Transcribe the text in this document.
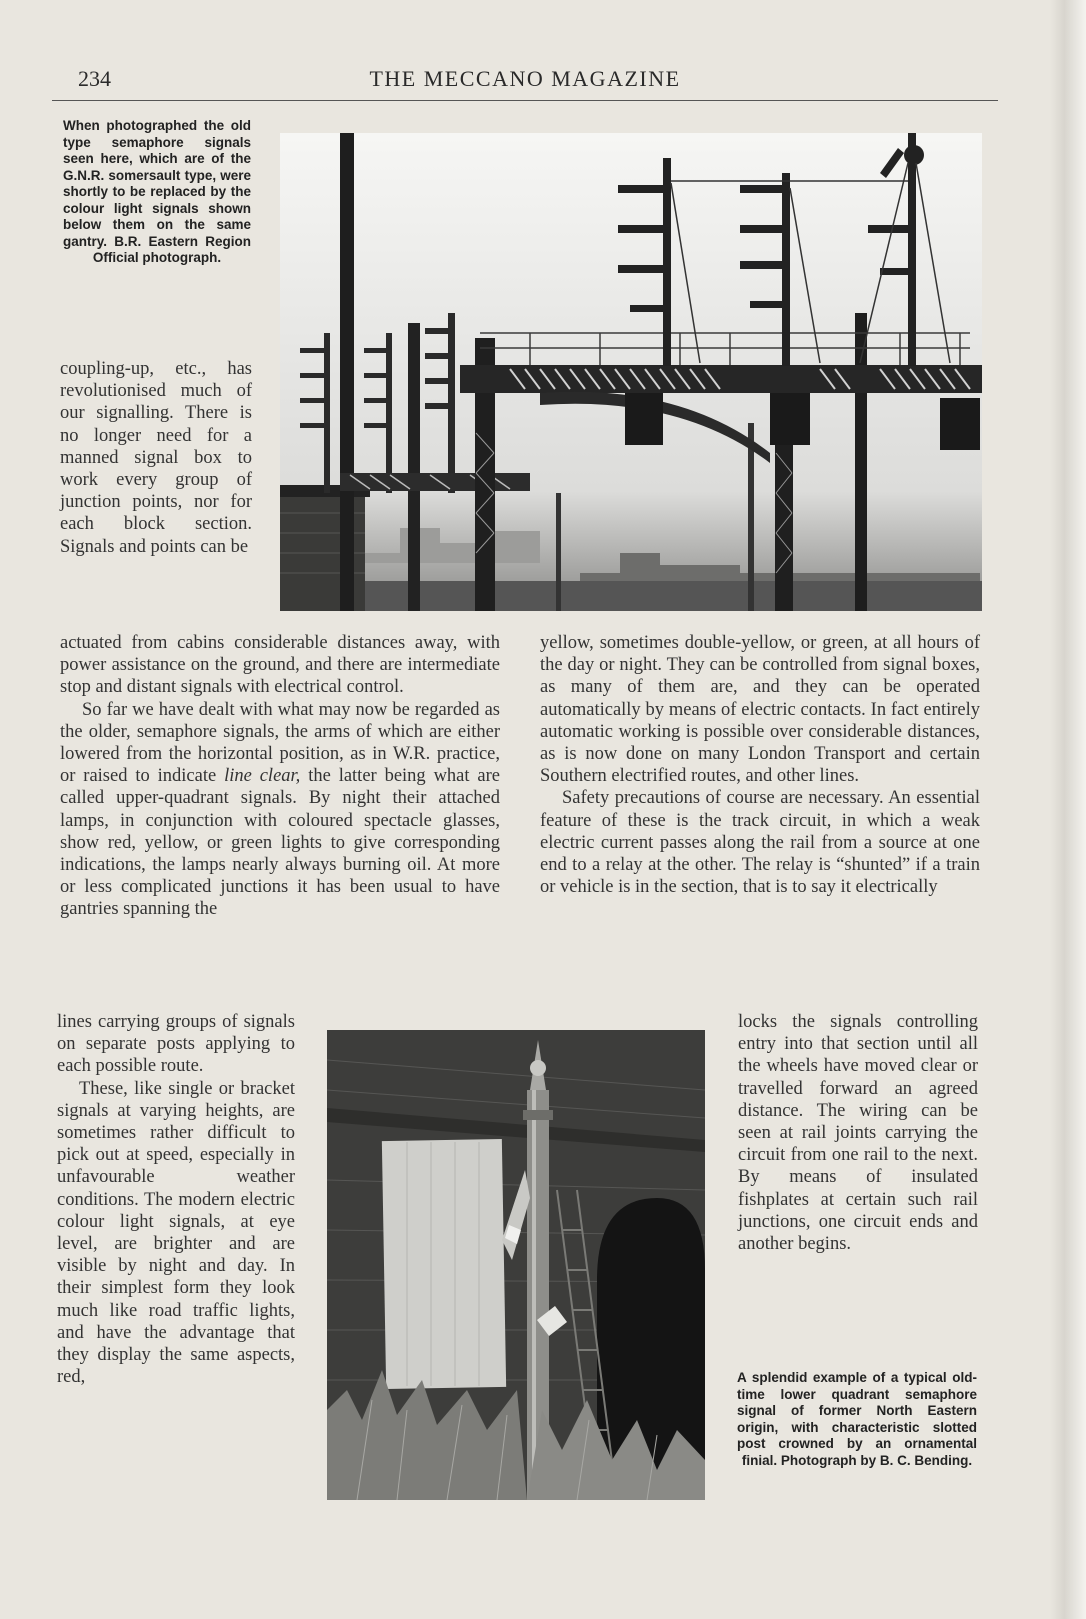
234	THE MECCANO MAGAZINE
When photographed the old type semaphore signals seen here, which are of the G.N.R. somersault type, were shortly to be replaced by the colour light signals shown below them on the same gantry. B.R. Eastern Region Official photograph.

coupling-up, etc., has revolutionised much of our signalling. There is no longer need for a manned signal box to work every group of junction points, nor for each block section. Signals and points can be

actuated from cabins considerable distances away, with power assistance on the ground, and there are intermediate stop and distant signals with electrical control.

So far we have dealt with what may now be regarded as the older, semaphore signals, the arms of which are either lowered from the horizontal position, as in W.R. practice, or raised to indicate line clear, the latter being what are called upper-quadrant signals. By night their attached lamps, in conjunction with coloured spectacle glasses, show red, yellow, or green lights to give corresponding indications, the lamps nearly always burning oil. At more or less complicated junctions it has been usual to have gantries spanning the

yellow, sometimes double-yellow, or green, at all hours of the day or night. They can be controlled from signal boxes, as many of them are, and they can be operated automatically by means of electric contacts. In fact entirely automatic working is possible over considerable distances, as is now done on many London Transport and certain Southern electrified routes, and other lines.

Safety precautions of course are necessary. An essential feature of these is the track circuit, in which a weak electric current passes along the rail from a source at one end to a relay at the other. The relay is “shunted” if a train or vehicle is in the section, that is to say it electrically

lines carrying groups of signals on separate posts applying to each possible route.

These, like single or bracket signals at varying heights, are sometimes rather difficult to pick out at speed, especially in unfavourable weather conditions. The modern electric colour light signals, at eye level, are brighter and are visible by night and day. In their simplest form they look much like road traffic lights, and have the advantage that they display the same aspects, red,

locks the signals controlling entry into that section until all the wheels have moved clear or travelled forward an agreed distance. The wiring can be seen at rail joints carrying the circuit from one rail to the next. By means of insulated fishplates at certain such rail junctions, one circuit ends and another begins.

A splendid example of a typical old-time lower quadrant semaphore signal of former North Eastern origin, with characteristic slotted post crowned by an ornamental finial. Photograph by B. C. Bending.
